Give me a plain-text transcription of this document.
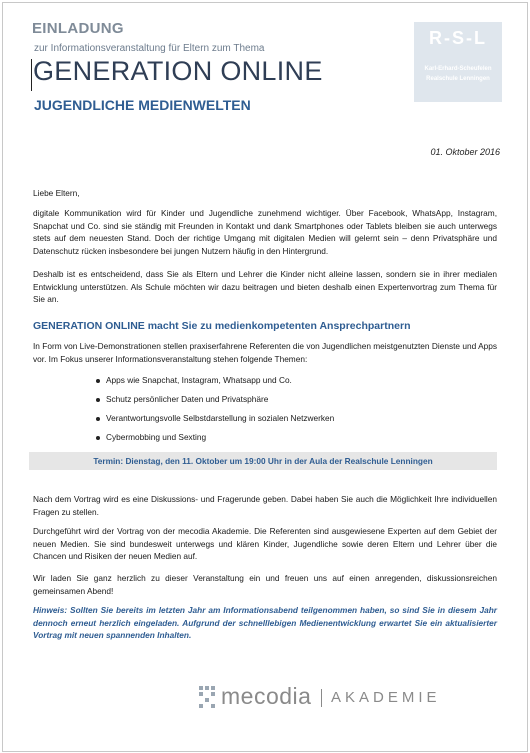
EINLADUNG
zur Informationsveranstaltung für Eltern zum Thema
GENERATION ONLINE
JUGENDLICHE MEDIENWELTEN
R-S-L
Karl-Erhard-Scheufelen
Realschule Lenningen
01. Oktober 2016
Liebe Eltern,
digitale Kommunikation wird für Kinder und Jugendliche zunehmend wichtiger. Über Facebook, WhatsApp, Instagram, Snapchat und Co. sind sie ständig mit Freunden in Kontakt und dank Smartphones oder Tablets bleiben sie auch unterwegs stets auf dem neuesten Stand. Doch der richtige Umgang mit digitalen Medien will gelernt sein – denn Privatsphäre und Datenschutz rücken insbesondere bei jungen Nutzern häufig in den Hintergrund.
Deshalb ist es entscheidend, dass Sie als Eltern und Lehrer die Kinder nicht alleine lassen, sondern sie in ihrer medialen Entwicklung unterstützen. Als Schule möchten wir dazu beitragen und bieten deshalb einen Expertenvortrag zum Thema für Sie an.
GENERATION ONLINE macht Sie zu medienkompetenten Ansprechpartnern
In Form von Live-Demonstrationen stellen praxiserfahrene Referenten die von Jugendlichen meistgenutzten Dienste und Apps vor. Im Fokus unserer Informationsveranstaltung stehen folgende Themen:
Apps wie Snapchat, Instagram, Whatsapp und Co.
Schutz persönlicher Daten und Privatsphäre
Verantwortungsvolle Selbstdarstellung in sozialen Netzwerken
Cybermobbing und Sexting
Termin: Dienstag, den 11. Oktober um 19:00 Uhr in der Aula der Realschule Lenningen
Nach dem Vortrag wird es eine Diskussions- und Fragerunde geben. Dabei haben Sie auch die Möglichkeit Ihre individuellen Fragen zu stellen.
Durchgeführt wird der Vortrag von der mecodia Akademie. Die Referenten sind ausgewiesene Experten auf dem Gebiet der neuen Medien. Sie sind bundesweit unterwegs und klären Kinder, Jugendliche sowie deren Eltern und Lehrer über die Chancen und Risiken der neuen Medien auf.
Wir laden Sie ganz herzlich zu dieser Veranstaltung ein und freuen uns auf einen anregenden, diskussionsreichen gemeinsamen Abend!
Hinweis: Sollten Sie bereits im letzten Jahr am Informationsabend teilgenommen haben, so sind Sie in diesem Jahr dennoch erneut herzlich eingeladen. Aufgrund der schnelllebigen Medienentwicklung erwartet Sie ein aktualisierter Vortrag mit neuen spannenden Inhalten.
mecodia AKADEMIE
